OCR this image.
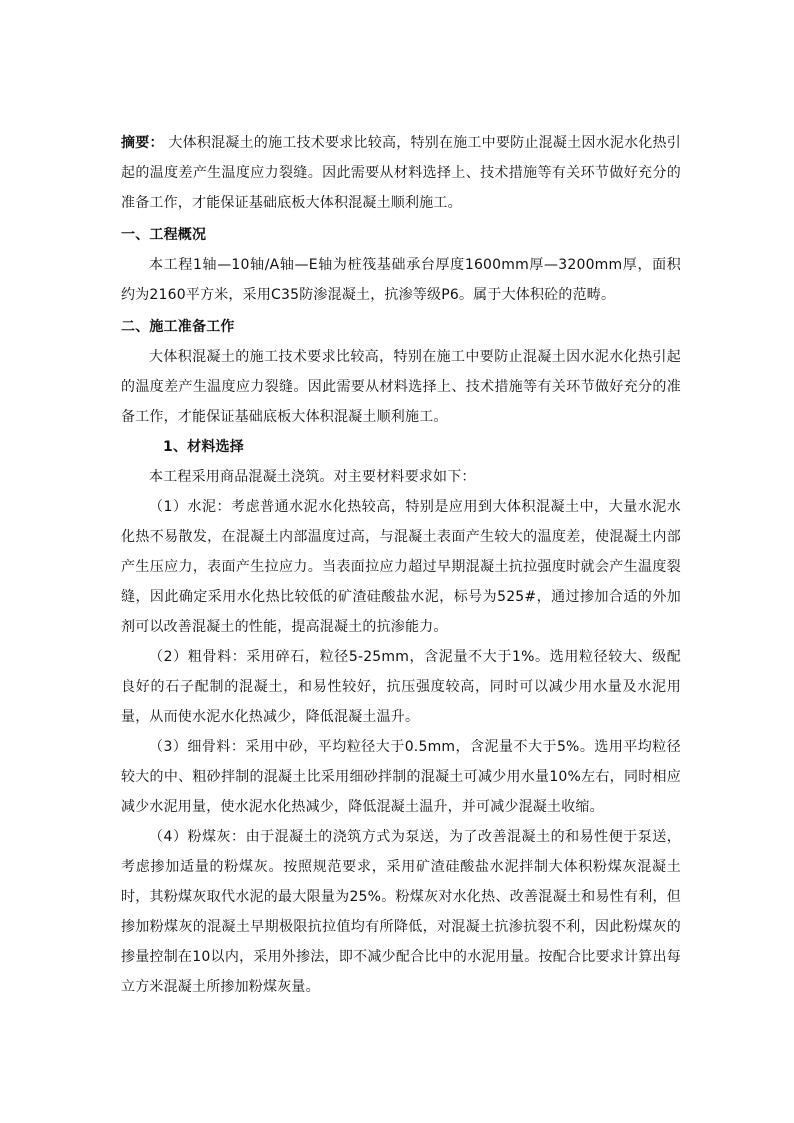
摘要： 大体积混凝土的施工技术要求比较高，特别在施工中要防止混凝土因水泥水化热引起的温度差产生温度应力裂缝。因此需要从材料选择上、技术措施等有关环节做好充分的准备工作，才能保证基础底板大体积混凝土顺利施工。

一、工程概况

本工程1轴—10轴/A轴—E轴为桩筏基础承台厚度1600mm厚—3200mm厚，面积约为2160平方米，采用C35防渗混凝土，抗渗等级P6。属于大体积砼的范畴。

二、施工准备工作

大体积混凝土的施工技术要求比较高，特别在施工中要防止混凝土因水泥水化热引起的温度差产生温度应力裂缝。因此需要从材料选择上、技术措施等有关环节做好充分的准备工作，才能保证基础底板大体积混凝土顺利施工。

1、材料选择

本工程采用商品混凝土浇筑。对主要材料要求如下：

（1）水泥：考虑普通水泥水化热较高，特别是应用到大体积混凝土中，大量水泥水化热不易散发，在混凝土内部温度过高，与混凝土表面产生较大的温度差，使混凝土内部产生压应力，表面产生拉应力。当表面拉应力超过早期混凝土抗拉强度时就会产生温度裂缝，因此确定采用水化热比较低的矿渣硅酸盐水泥，标号为525#，通过掺加合适的外加剂可以改善混凝土的性能，提高混凝土的抗渗能力。

（2）粗骨料：采用碎石，粒径5-25mm，含泥量不大于1%。选用粒径较大、级配良好的石子配制的混凝土，和易性较好，抗压强度较高，同时可以减少用水量及水泥用量，从而使水泥水化热减少，降低混凝土温升。

（3）细骨料：采用中砂，平均粒径大于0.5mm，含泥量不大于5%。选用平均粒径较大的中、粗砂拌制的混凝土比采用细砂拌制的混凝土可减少用水量10%左右，同时相应减少水泥用量，使水泥水化热减少，降低混凝土温升，并可减少混凝土收缩。

（4）粉煤灰：由于混凝土的浇筑方式为泵送，为了改善混凝土的和易性便于泵送，考虑掺加适量的粉煤灰。按照规范要求，采用矿渣硅酸盐水泥拌制大体积粉煤灰混凝土时，其粉煤灰取代水泥的最大限量为25%。粉煤灰对水化热、改善混凝土和易性有利，但掺加粉煤灰的混凝土早期极限抗拉值均有所降低，对混凝土抗渗抗裂不利，因此粉煤灰的掺量控制在10以内，采用外掺法，即不减少配合比中的水泥用量。按配合比要求计算出每立方米混凝土所掺加粉煤灰量。
